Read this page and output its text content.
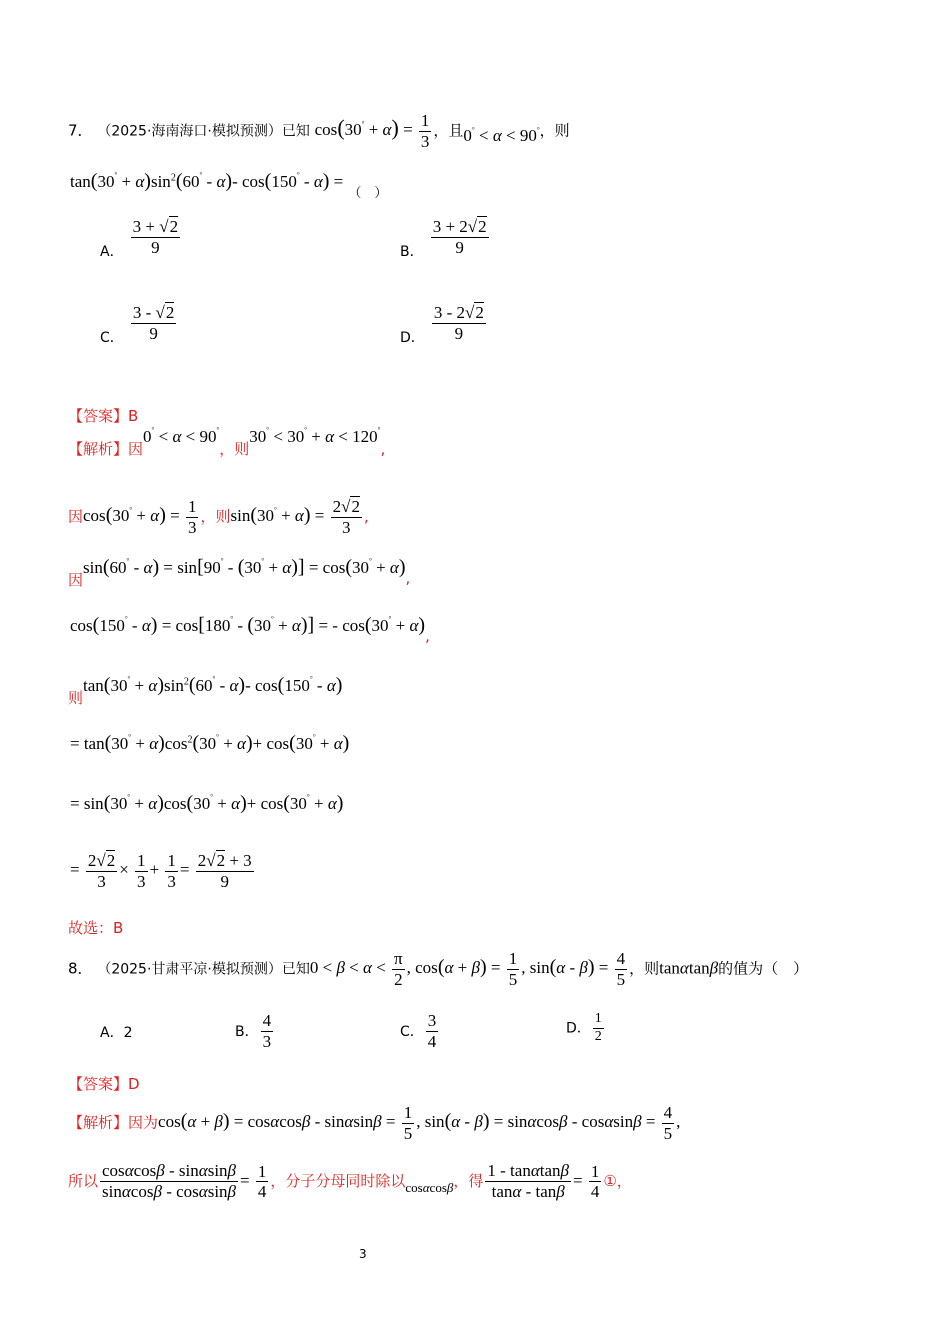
7． （2025·海南海口·模拟预测）已知 $\cos(30^\circ + \alpha) = \frac{1}{3}$ ，且0° < α < 90°，则
$\tan(30^\circ + \alpha)\sin^2(60^\circ - \alpha)-$ cos(150° - α) = $_{( )}$
A． $\frac{3 + √2}{9}$	B． $\frac{3 + 2√2}{9}$
C． $\frac{3 - √2}{9}$	D． $\frac{3 - 2√2}{9}$
【答案】B
【解析】因0° < α < 90°，则30° < 30° + α < 120°,
因$\cos(30^\circ + \alpha) = \frac{1}{3}$ ，则$\sin(30^\circ + \alpha) = \frac{2√2}{3}$ ,
因sin(60° - α) = sin[90° - (30° + α)] = cos(30° + α),
cos(150° - α) = cos[180° - (30° + α)] = - cos(30° + α),
则$\tan(30^\circ + \alpha)\sin^2(60^\circ - \alpha)-$ cos(150° - α)
= $\tan(30^\circ + \alpha)\cos^2(30^\circ + \alpha)+ \cos(30^\circ + \alpha)$
= sin(30° + α)cos(30° + α)+ cos(30° + α)
= $\frac{2√2}{3} \times \frac{1}{3} + \frac{1}{3} = \frac{2√2 + 3}{9}$
故选：B
8． （2025·甘肃平凉·模拟预测）已知$0 < \beta < \alpha < \frac{\pi}{2}$ , $\cos(\alpha + \beta) = \frac{1}{5}$ , $\sin(\alpha - \beta) = \frac{4}{5}$ ，则tanαtanβ的值为（　）
A．2	B． $\frac{4}{3}$	C． $\frac{3}{4}$	D． $\frac{1}{2}$
【答案】D
【解析】因为$\cos(\alpha + \beta) = \cos\alpha\cos\beta - \sin\alpha\sin\beta = \frac{1}{5}$ , $\sin(\alpha - \beta) = \sin\alpha\cos\beta - \cos\alpha\sin\beta = \frac{4}{5}$ ,
所以 $\frac{\cos\alpha\cos\beta - \sin\alpha\sin\beta}{\sin\alpha\cos\beta - \cos\alpha\sin\beta} = \frac{1}{4}$ ，分子分母同时除以cosαcosβ，得 $\frac{1 - \tan\alpha\tan\beta}{\tan\alpha - \tan\beta} = \frac{1}{4}$ ①，
3
